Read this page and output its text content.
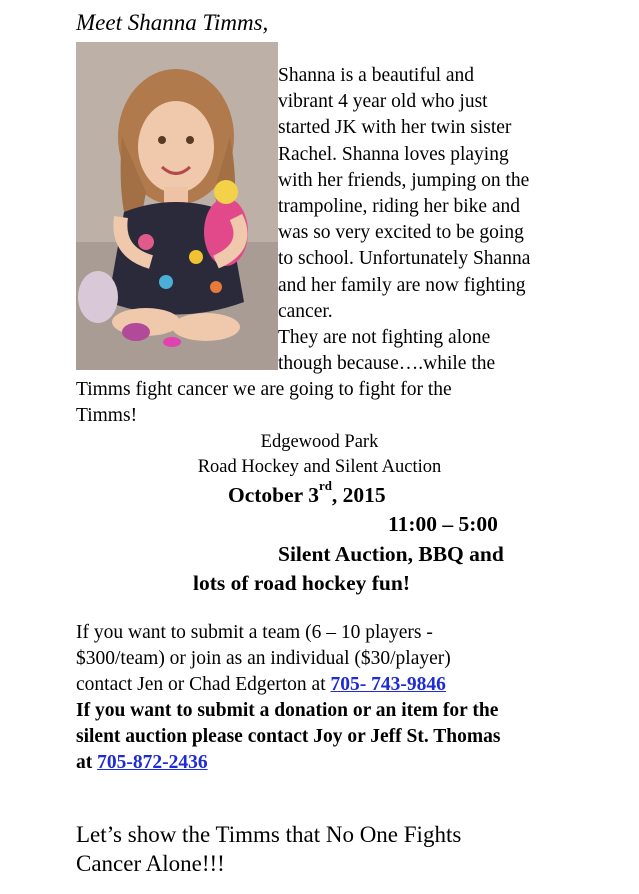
Meet Shanna Timms,
Shanna is a beautiful and
vibrant 4 year old who just
started JK with her twin sister
Rachel. Shanna loves playing
with her friends, jumping on the
trampoline, riding her bike and
was so very excited to be going
to school. Unfortunately Shanna
and her family are now fighting
cancer.
They are not fighting alone
though because….while the
Timms fight cancer we are going to fight for the
Timms!
Edgewood Park
Road Hockey and Silent Auction
October 3rd, 2015
11:00 – 5:00
Silent Auction, BBQ and
lots of road hockey fun!
If you want to submit a team (6 – 10 players -
$300/team) or join as an individual ($30/player)
contact Jen or Chad Edgerton at 705- 743-9846
If you want to submit a donation or an item for the
silent auction please contact Joy or Jeff St. Thomas
at 705-872-2436
Let’s show the Timms that No One Fights
Cancer Alone!!!
